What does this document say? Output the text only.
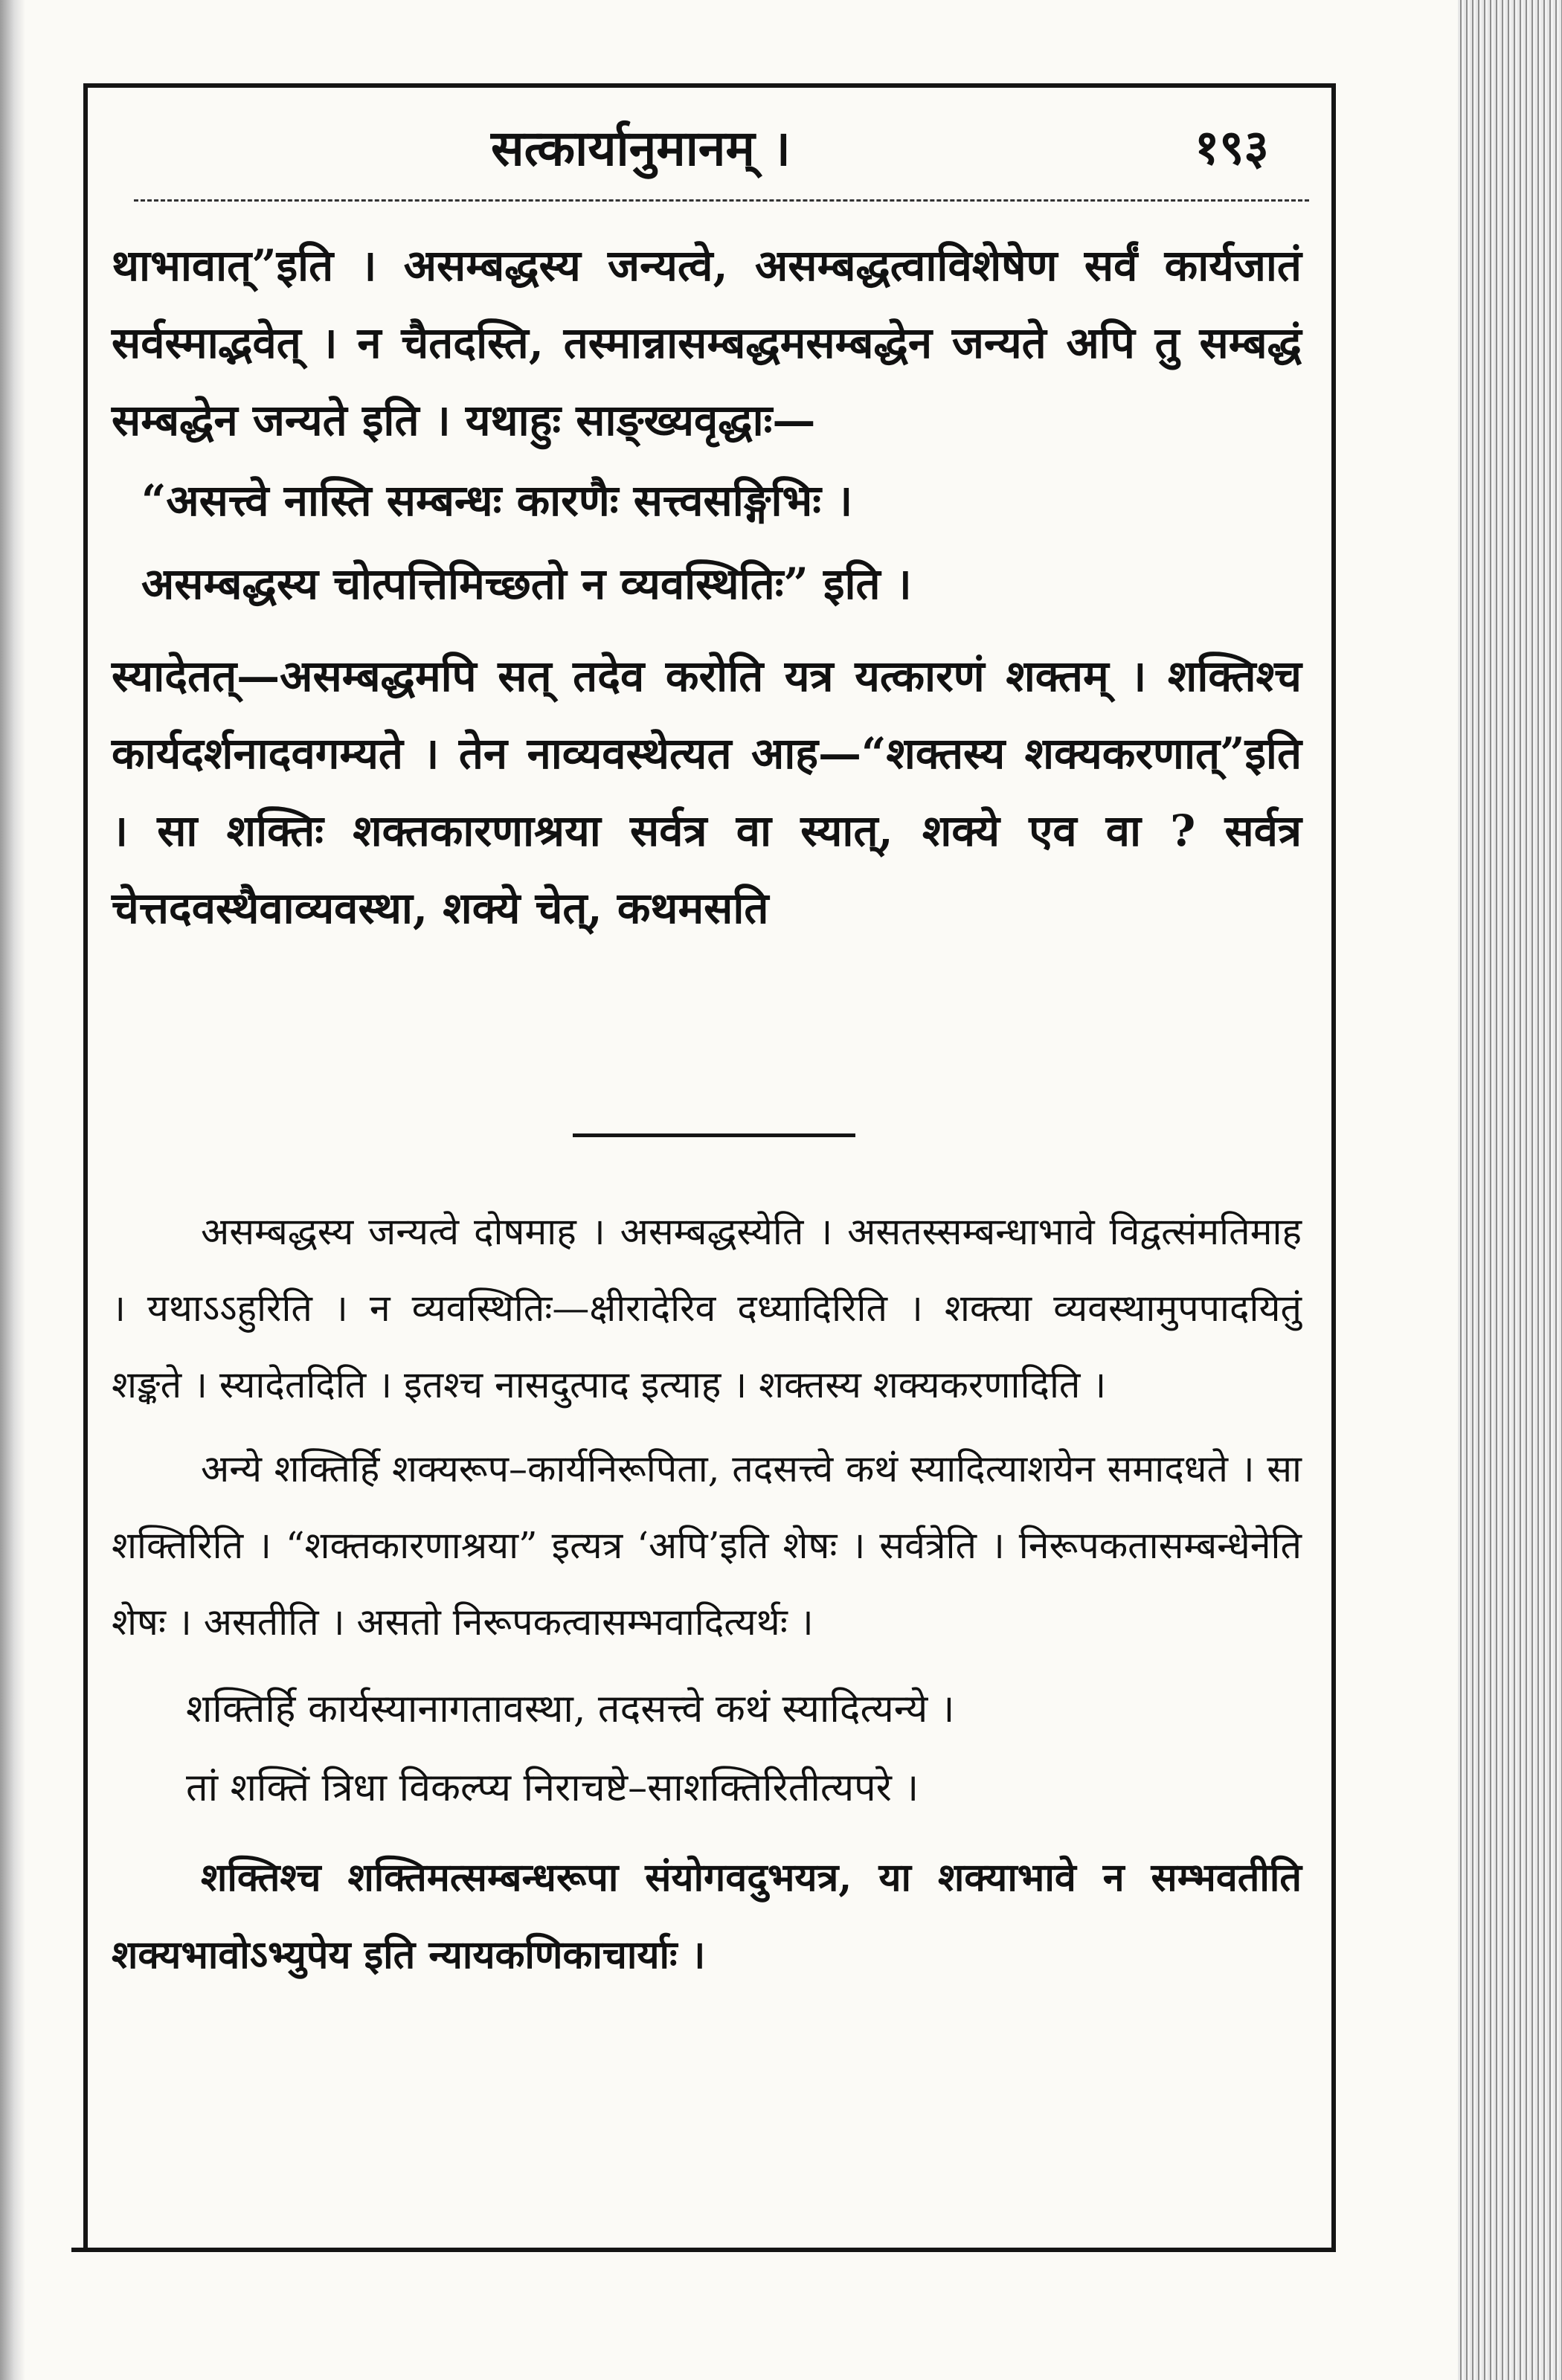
सत्कार्यानुमानम् ।	१९३

थाभावात्”इति । असम्बद्धस्य जन्यत्वे, असम्बद्धत्वाविशेषेण सर्वं कार्यजातं सर्वस्माद्भवेत् । न चैतदस्ति, तस्मान्नासम्बद्धमसम्बद्धेन जन्यते अपि तु सम्बद्धं सम्बद्धेन जन्यते इति । यथाहुः साङ्ख्यवृद्धाः—

“असत्त्वे नास्ति सम्बन्धः कारणैः सत्त्वसङ्गिभिः ।

असम्बद्धस्य चोत्पत्तिमिच्छतो न व्यवस्थितिः” इति ।

स्यादेतत्—असम्बद्धमपि सत् तदेव करोति यत्र यत्कारणं शक्तम् । शक्तिश्च कार्यदर्शनादवगम्यते । तेन नाव्यवस्थेत्यत आह—“शक्तस्य शक्यकरणात्”इति । सा शक्तिः शक्तकारणाश्रया सर्वत्र वा स्यात्, शक्ये एव वा ? सर्वत्र चेत्तदवस्थैवाव्यवस्था, शक्ये चेत्, कथमसति

असम्बद्धस्य जन्यत्वे दोषमाह । असम्बद्धस्येति । असतस्सम्बन्धाभावे विद्वत्संमतिमाह । यथाऽऽहुरिति । न व्यवस्थितिः—क्षीरादेरिव दध्यादिरिति । शक्त्या व्यवस्थामुपपादयितुं शङ्कते । स्यादेतदिति । इतश्च नासदुत्पाद इत्याह । शक्तस्य शक्यकरणादिति ।

अन्ये शक्तिर्हि शक्यरूप–कार्यनिरूपिता, तदसत्त्वे कथं स्यादित्याशयेन समादधते । सा शक्तिरिति । “शक्तकारणाश्रया” इत्यत्र ‘अपि’इति शेषः । सर्वत्रेति । निरूपकतासम्बन्धेनेति शेषः । असतीति । असतो निरूपकत्वासम्भवादित्यर्थः ।

शक्तिर्हि कार्यस्यानागतावस्था, तदसत्त्वे कथं स्यादित्यन्ये ।

तां शक्तिं त्रिधा विकल्प्य निराचष्टे–साशक्तिरितीत्यपरे ।

शक्तिश्च शक्तिमत्सम्बन्धरूपा संयोगवदुभयत्र, या शक्याभावे न सम्भवतीति शक्यभावोऽभ्युपेय इति न्यायकणिकाचार्याः ।
